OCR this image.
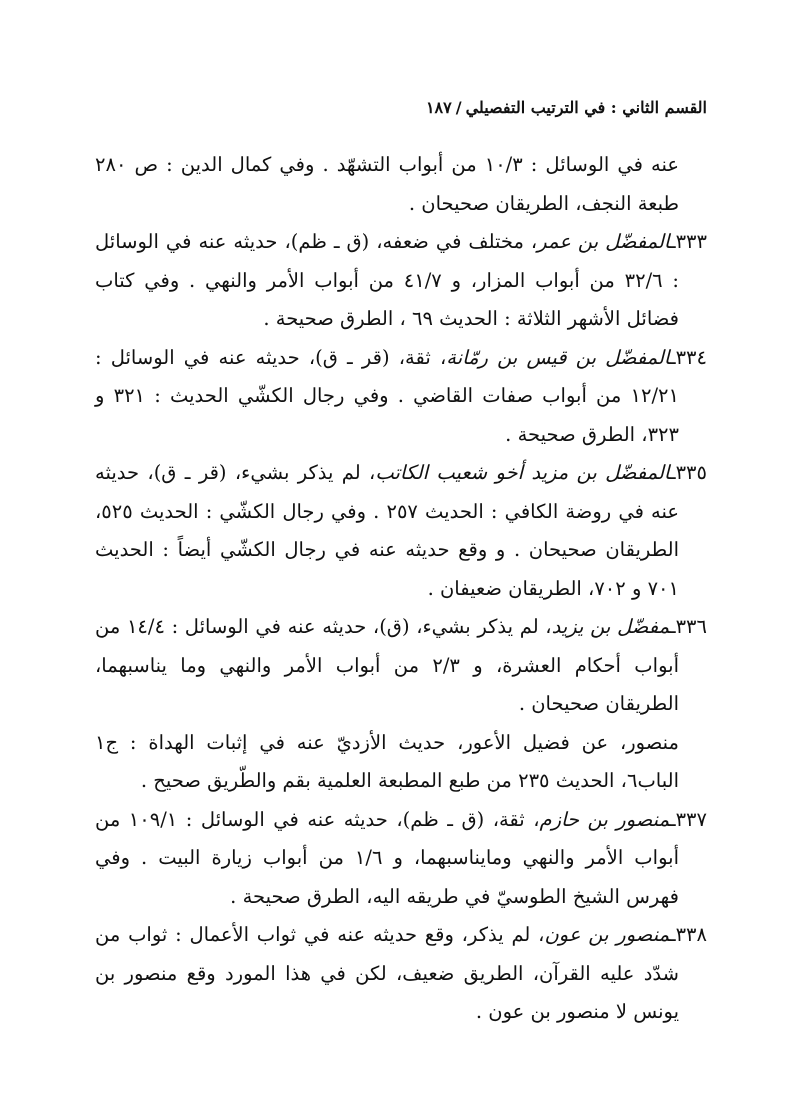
القسم الثاني : في الترتيب التفصيلي/١٨٧

عنه في الوسائل : ١٠/٣ من أبواب التشهّد . وفي كمال الدين : ص ٢٨٠ طبعة النجف، الطريقان صحيحان .

٣٣٣ـالمفضّل بن عمر، مختلف في ضعفه، (ق ـ ظم)، حديثه عنه في الوسائل : ٣٢/٦ من أبواب المزار، و ٤١/٧ من أبواب الأمر والنهي . وفي كتاب فضائل الأشهر الثلاثة : الحديث ٦٩ ، الطرق صحيحة .

٣٣٤ـالمفضّل بن قيس بن رمّانة، ثقة، (قر ـ ق)، حديثه عنه في الوسائل : ١٢/٢١ من أبواب صفات القاضي . وفي رجال الكشّي الحديث : ٣٢١ و ٣٢٣، الطرق صحيحة .

٣٣٥ـالمفضّل بن مزيد أخو شعيب الكاتب، لم يذكر بشيء، (قر ـ ق)، حديثه عنه في روضة الكافي : الحديث ٢٥٧ . وفي رجال الكشّي : الحديث ٥٢٥، الطريقان صحيحان . و وقع حديثه عنه في رجال الكشّي أيضاً : الحديث ٧٠١ و ٧٠٢، الطريقان ضعيفان .

٣٣٦ـمفضّل بن يزيد، لم يذكر بشيء، (ق)، حديثه عنه في الوسائل : ١٤/٤ من أبواب أحكام العشرة، و ٢/٣ من أبواب الأمر والنهي وما يناسبهما، الطريقان صحيحان .

منصور، عن فضيل الأعور، حديث الأزديّ عنه في إثبات الهداة : ج١ الباب٦، الحديث ٢٣٥ من طبع المطبعة العلمية بقم والطّريق صحيح .

٣٣٧ـمنصور بن حازم، ثقة، (ق ـ ظم)، حديثه عنه في الوسائل : ١٠٩/١ من أبواب الأمر والنهي ومايناسبهما، و ١/٦ من أبواب زيارة البيت . وفي فهرس الشيخ الطوسيّ في طريقه اليه، الطرق صحيحة .

٣٣٨ـمنصور بن عون، لم يذكر، وقع حديثه عنه في ثواب الأعمال : ثواب من شدّد عليه القرآن، الطريق ضعيف، لكن في هذا المورد وقع منصور بن يونس لا منصور بن عون .
